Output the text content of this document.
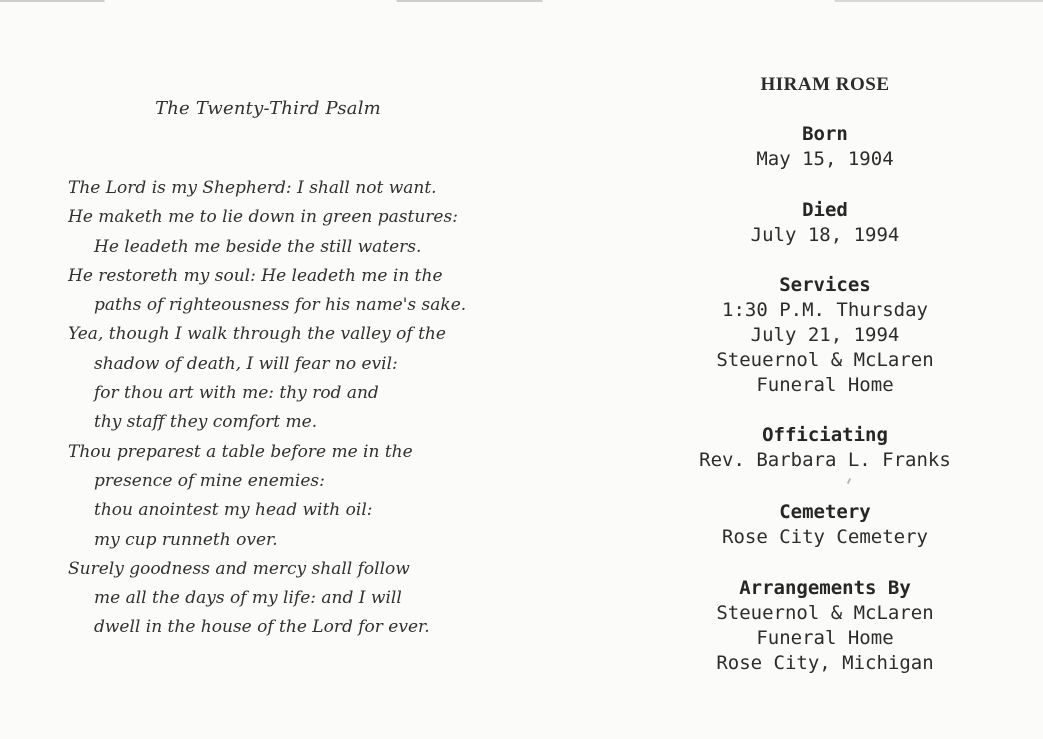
The Twenty-Third Psalm
The Lord is my Shepherd: I shall not want.
He maketh me to lie down in green pastures:
He leadeth me beside the still waters.
He restoreth my soul: He leadeth me in the
paths of righteousness for his name's sake.
Yea, though I walk through the valley of the
shadow of death, I will fear no evil:
for thou art with me: thy rod and
thy staff they comfort me.
Thou preparest a table before me in the
presence of mine enemies:
thou anointest my head with oil:
my cup runneth over.
Surely goodness and mercy shall follow
me all the days of my life: and I will
dwell in the house of the Lord for ever.
HIRAM ROSE
Born
May 15, 1904
Died
July 18, 1994
Services
1:30 P.M. Thursday
July 21, 1994
Steuernol & McLaren
Funeral Home
Officiating
Rev. Barbara L. Franks
Cemetery
Rose City Cemetery
Arrangements By
Steuernol & McLaren
Funeral Home
Rose City, Michigan
